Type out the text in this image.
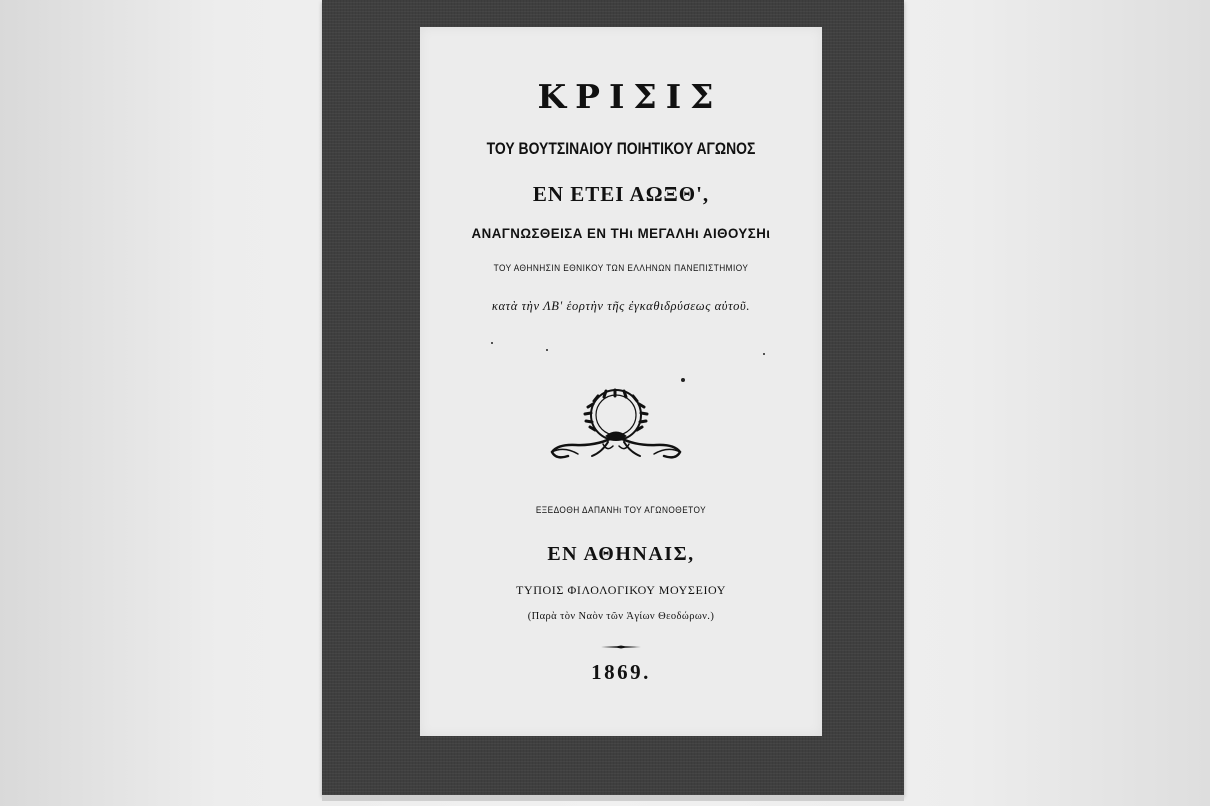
ΚΡΙΣΙΣ
ΤΟΥ ΒΟΥΤΣΙΝΑΙΟΥ ΠΟΙΗΤΙΚΟΥ ΑΓΩΝΟΣ
ΕΝ ΕΤΕΙ ΑΩΞΘ',
ΑΝΑΓΝΩΣΘΕΙΣΑ ΕΝ ΤΗι ΜΕΓΑΛΗι ΑΙΘΟΥΣΗι
ΤΟΥ ΑΘΗΝΗΣΙΝ ΕΘΝΙΚΟΥ ΤΩΝ ΕΛΛΗΝΩΝ ΠΑΝΕΠΙΣΤΗΜΙΟΥ
κατὰ τὴν ΛΒ' ἑορτὴν τῆς ἐγκαθιδρύσεως αὐτοῦ.
ΕΞΕΔΟΘΗ ΔΑΠΑΝΗι ΤΟΥ ΑΓΩΝΟΘΕΤΟΥ
ΕΝ ΑΘΗΝΑΙΣ,
ΤΥΠΟΙΣ ΦΙΛΟΛΟΓΙΚΟΥ ΜΟΥΣΕΙΟΥ
(Παρὰ τὸν Ναὸν τῶν Ἁγίων Θεοδώρων.)
1869.
